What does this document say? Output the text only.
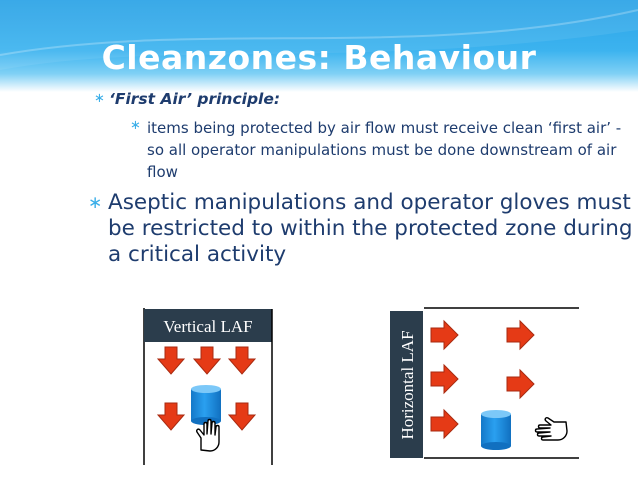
Cleanzones: Behaviour
∗ ‘First Air’ principle:
∗ items being protected by air flow must receive clean ‘first air’ - so all operator manipulations must be done downstream of air flow
∗ Aseptic manipulations and operator gloves must be restricted to within the protected zone during a critical activity
Vertical LAF
Horizontal LAF
